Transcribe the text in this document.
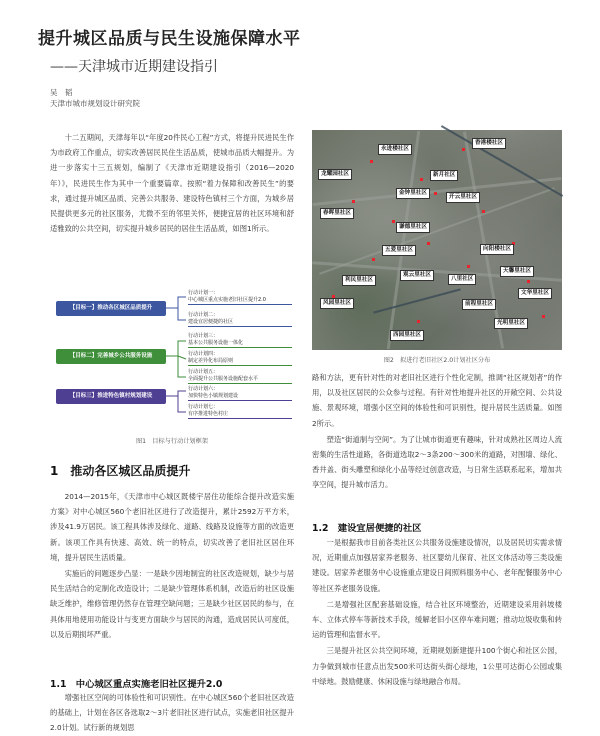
提升城区品质与民生设施保障水平
——天津城市近期建设指引
吴　韬
天津市城市规划设计研究院

十二五期间，天津每年以“年度20件民心工程”方式，将提升民进民生作为市政府工作重点，切实改善居民民住生活品质，使城市品质大幅提升。为进一步落实十三五规划，编制了《天津市近期建设指引（2016—2020年）》，民进民生作为其中一个重要篇章。按照“着力保障和改善民生”的要求，通过提升城区品质、完善公共服务、建设特色镇村三个方面，为城乡居民提供更多元的社区服务，尤微不至的邻里关怀，便捷宜居的社区环境和舒适雅致的公共空间，切实提升城乡居民的居住生活品质，如图1所示。

【目标一】推动各区城区品质提升
【目标二】完善城乡公共服务设施
【目标三】推进特色镇村规划建设
行动计划一：
中心城区重点实施老旧社区提升2.0
行动计划二：
建设宜居便捷的社区
行动计划三：
基本公共服务设施一体化
行动计划四：
制定差异化布局原则
行动计划五：
全面提升公共服务设施配套水平
行动计划六：
加快特色小镇规划建设
行动计划七：
有序推进特色村庄
图1　目标与行动计划框架
1　推动各区城区品质提升

2014—2015年，《天津市中心城区既楼宇居住功能综合提升改造实施方案》对中心城区560个老旧社区进行了改造提升，累计2592万平方米，涉及41.9万居民。该工程具体涉及绿化、道路、线路及设施等方面的改造更新。该项工作具有快速、高效、统一的特点，切实改善了老旧社区居住环境，提升居民生活质量。

实施后的问题逐步凸显：一是缺少因地制宜的社区改造规划，缺少与居民生活结合的定制化改造设计；二是缺少管理体系机制，改造后的社区设施缺乏维护，维修管理仍然存在管理空缺问题；三是缺少社区居民的参与，在具体用地使用功能设计与变更方面缺少与居民的沟通，造成居民认可度低，以及后期损坏严重。

1.1　中心城区重点实施老旧社区提升2.0

增强社区空间的可体验性和可识别性。在中心城区560个老旧社区改造的基础上，计划在各区各选取2～3片老旧社区进行试点，实施老旧社区提升2.0计划。试行新的规划思

永进楼社区
春晖里社区
龙耀园社区
金钟里社区
新月社区
开云里社区
香港楼社区
谦德里社区
五爱里社区	向阳楼社区
利民里社区
天馨里社区
观云里社区
风园里社区	前程里社区
八里社区
文华里社区
光明里社区
西园里社区
图2　拟进行老旧社区2.0计划社区分布

路和方法，更有针对性的对老旧社区进行个性化定制，推调“社区规划者”的作用，以及社区居民的公众参与过程。有针对性地提升社区的开敞空间、公共设施、景观环境，增强小区空间的体验性和可识别性，提升居民生活质量。如图2所示。

塑造“街道制与空间”。为了让城市街道更有趣味，针对成熟社区周边人流密集的生活性道路，各街道选取2～3条200～300米的道路，对围墙、绿化、香井盖、街头雕塑和绿化小品等经过创意改造，与日常生活联系起来，增加共享空间，提升城市活力。

1.2　建设宜居便捷的社区

一是根据我市目前各类社区公共服务设施建设情况，以及居民切实需求情况，近期重点加强居家养老服务、社区婴幼儿保育、社区文体活动等三类设施建设。居家养老服务中心设施重点建设日间照料服务中心、老年配餐服务中心等社区养老服务设施。

二是增强社区配套基础设施，结合社区环境整治，近期建设采用斜坡楼车、立体式停车等新技术手段，缓解老旧小区停车难问题；推动垃圾收集和转运的管理和监督水平。

三是提升社区公共空间环境，近期规划新建提升100个街心和社区公园，力争做到城市任意点出发500米可达街头街心绿地，1公里可达街心公园或集中绿地。鼓励健康、休闲设施与绿地融合布局。
